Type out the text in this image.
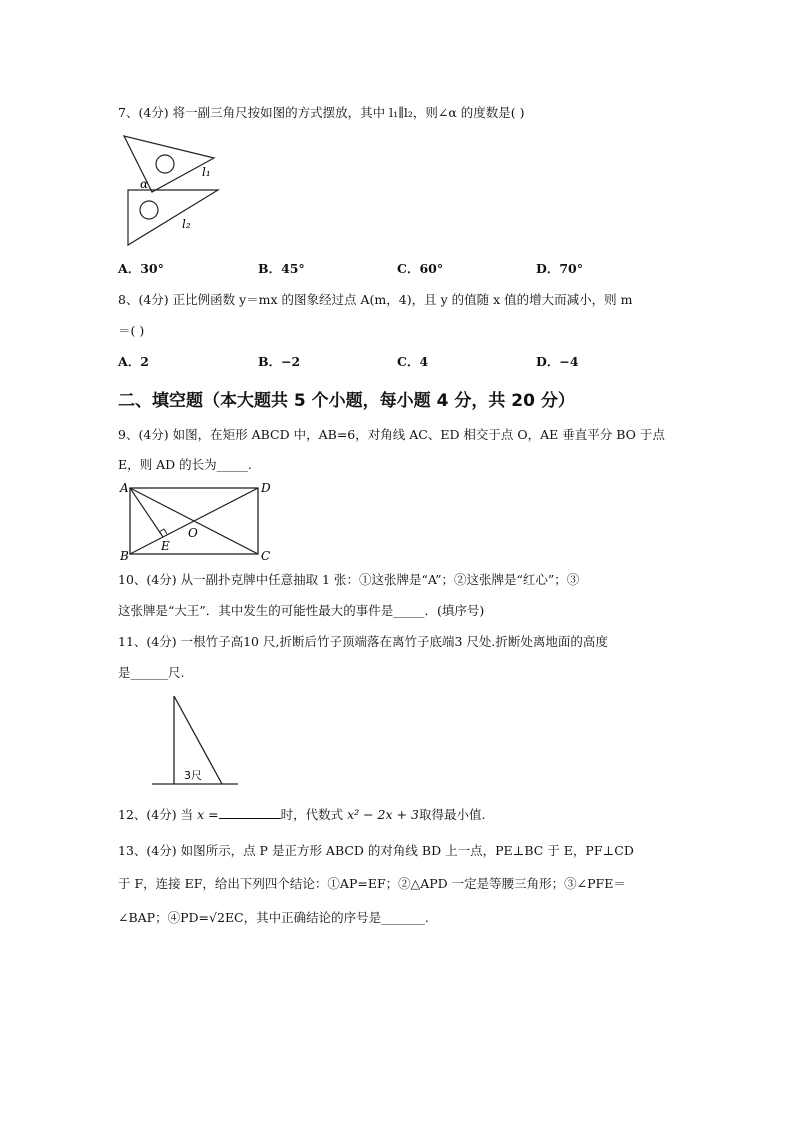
7、(4分) 将一副三角尺按如图的方式摆放，其中 l₁∥l₂，则∠α 的度数是( )
α
l₁
l₂
A．30°	B．45°	C．60°	D．70°
8、(4分) 正比例函数 y＝mx 的图象经过点 A(m，4)，且 y 的值随 x 值的增大而减小，则 m
＝( )
A．2	B．−2	C．4	D．−4
二、填空题（本大题共 5 个小题，每小题 4 分，共 20 分）
9、(4分) 如图，在矩形 ABCD 中，AB=6，对角线 AC、ED 相交于点 O，AE 垂直平分 BO 于点
E，则 AD 的长为_____.
A	D
B	C
E
O
10、(4分) 从一副扑克牌中任意抽取 1 张：①这张牌是“A”；②这张牌是“红心”；③
这张牌是“大王”．其中发生的可能性最大的事件是_____．(填序号)
11、(4分) 一根竹子高10 尺,折断后竹子顶端落在离竹子底端3 尺处.折断处离地面的高度
是______尺.
3尺
12、(4分) 当 x =	时，代数式 x² − 2x + 3取得最小值.
13、(4分) 如图所示，点 P 是正方形 ABCD 的对角线 BD 上一点，PE⊥BC 于 E，PF⊥CD
于 F，连接 EF，给出下列四个结论：①AP=EF；②△APD 一定是等腰三角形；③∠PFE＝
∠BAP；④PD=√2EC，其中正确结论的序号是_______.
